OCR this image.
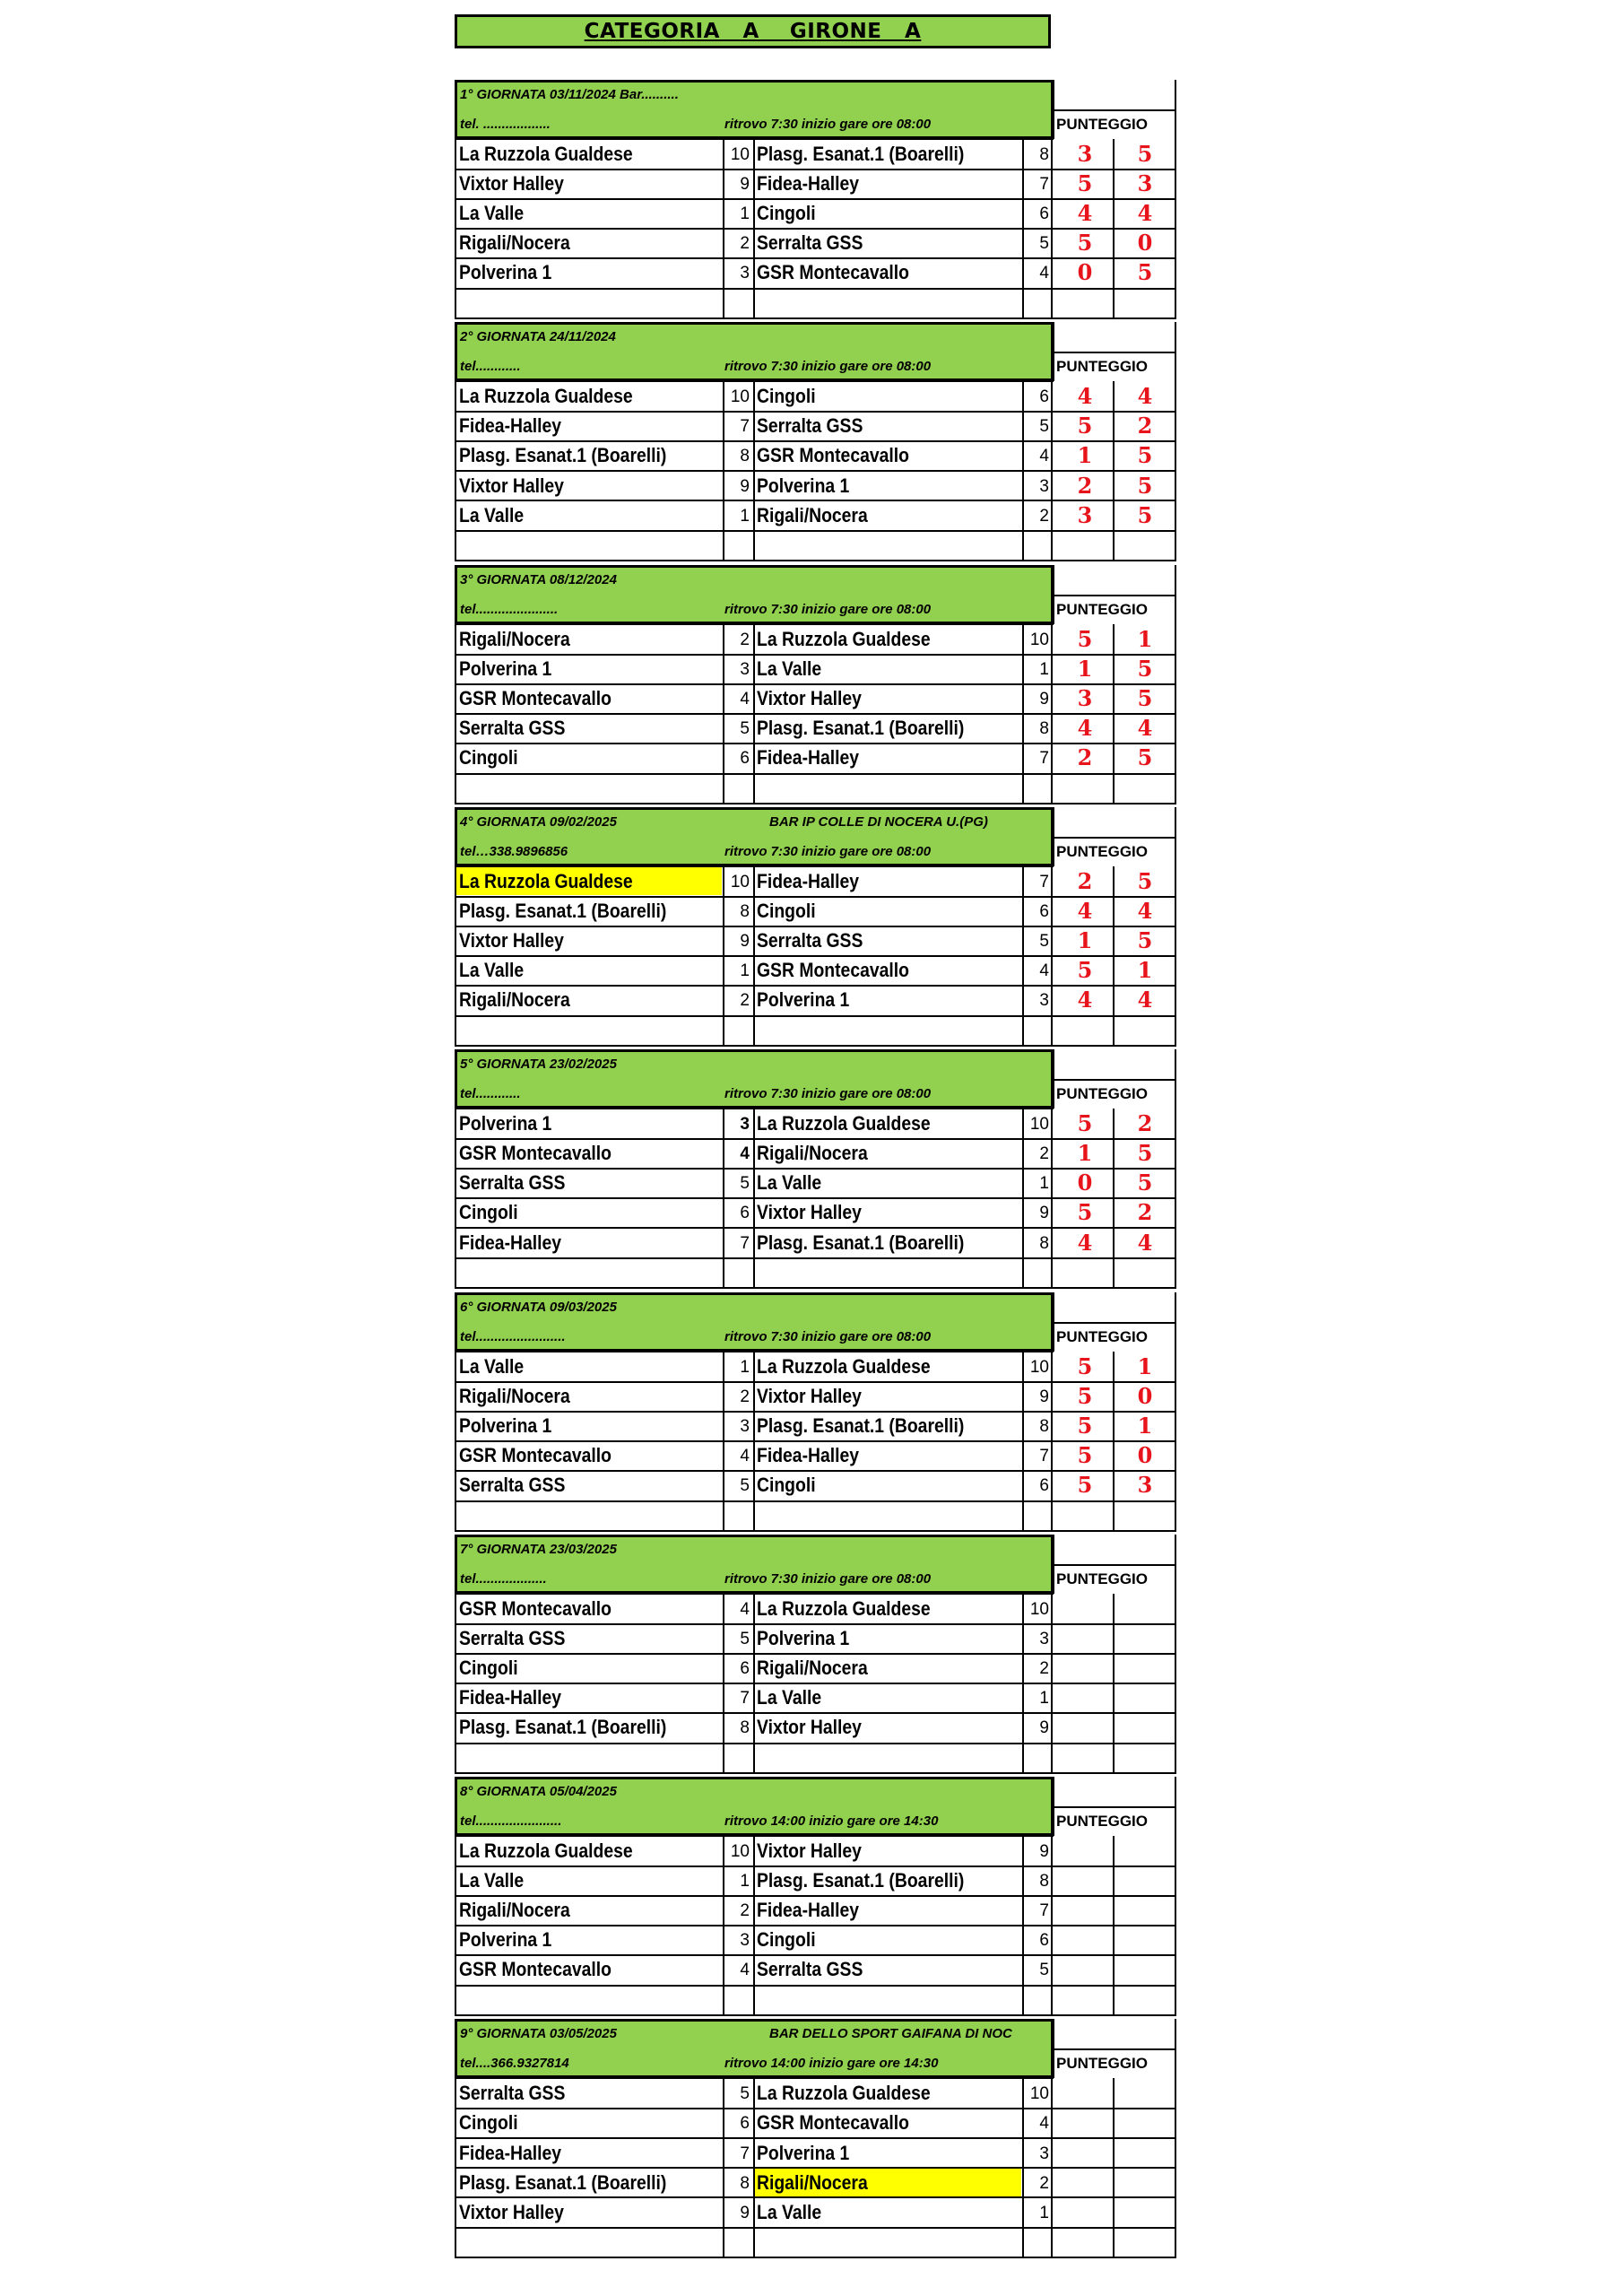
CATEGORIA   A    GIRONE   A
1° GIORNATA 03/11/2024 Bar..........
tel. ..................	ritrovo 7:30 inizio gare ore 08:00	PUNTEGGIO
La Ruzzola Gualdese	10 Plasg. Esanat.1 (Boarelli)	8	3	5
Vixtor Halley	9 Fidea-Halley	7	5	3
La Valle	1 Cingoli	6	4	4
Rigali/Nocera	2 Serralta GSS	5	5	0
Polverina 1	3 GSR Montecavallo	4	0	5
2° GIORNATA 24/11/2024
tel............	ritrovo 7:30 inizio gare ore 08:00	PUNTEGGIO
La Ruzzola Gualdese	10 Cingoli	6	4	4
Fidea-Halley	7 Serralta GSS	5	5	2
Plasg. Esanat.1 (Boarelli)	8 GSR Montecavallo	4	1	5
Vixtor Halley	9 Polverina 1	3	2	5
La Valle	1 Rigali/Nocera	2	3	5
3° GIORNATA 08/12/2024
tel......................	ritrovo 7:30 inizio gare ore 08:00	PUNTEGGIO
Rigali/Nocera	2 La Ruzzola Gualdese	10	5	1
Polverina 1	3 La Valle	1	1	5
GSR Montecavallo	4 Vixtor Halley	9	3	5
Serralta GSS	5 Plasg. Esanat.1 (Boarelli)	8	4	4
Cingoli	6 Fidea-Halley	7	2	5
4° GIORNATA 09/02/2025	BAR IP COLLE DI NOCERA U.(PG)
tel…338.9896856	ritrovo 7:30 inizio gare ore 08:00	PUNTEGGIO
La Ruzzola Gualdese	10 Fidea-Halley	7	2	5
Plasg. Esanat.1 (Boarelli)	8 Cingoli	6	4	4
Vixtor Halley	9 Serralta GSS	5	1	5
La Valle	1 GSR Montecavallo	4	5	1
Rigali/Nocera	2 Polverina 1	3	4	4
5° GIORNATA 23/02/2025
tel............	ritrovo 7:30 inizio gare ore 08:00	PUNTEGGIO
Polverina 1	3 La Ruzzola Gualdese	10	5	2
GSR Montecavallo	4 Rigali/Nocera	2	1	5
Serralta GSS	5 La Valle	1	0	5
Cingoli	6 Vixtor Halley	9	5	2
Fidea-Halley	7 Plasg. Esanat.1 (Boarelli)	8	4	4
6° GIORNATA 09/03/2025
tel........................	ritrovo 7:30 inizio gare ore 08:00	PUNTEGGIO
La Valle	1 La Ruzzola Gualdese	10	5	1
Rigali/Nocera	2 Vixtor Halley	9	5	0
Polverina 1	3 Plasg. Esanat.1 (Boarelli)	8	5	1
GSR Montecavallo	4 Fidea-Halley	7	5	0
Serralta GSS	5 Cingoli	6	5	3
7° GIORNATA 23/03/2025
tel...................	ritrovo 7:30 inizio gare ore 08:00	PUNTEGGIO
GSR Montecavallo	4 La Ruzzola Gualdese	10
Serralta GSS	5 Polverina 1	3
Cingoli	6 Rigali/Nocera	2
Fidea-Halley	7 La Valle	1
Plasg. Esanat.1 (Boarelli)	8 Vixtor Halley	9
8° GIORNATA 05/04/2025
tel.......................	ritrovo 14:00 inizio gare ore 14:30	PUNTEGGIO
La Ruzzola Gualdese	10 Vixtor Halley	9
La Valle	1 Plasg. Esanat.1 (Boarelli)	8
Rigali/Nocera	2 Fidea-Halley	7
Polverina 1	3 Cingoli	6
GSR Montecavallo	4 Serralta GSS	5
9° GIORNATA 03/05/2025	BAR DELLO SPORT GAIFANA DI NOC
tel....366.9327814	ritrovo 14:00 inizio gare ore 14:30	PUNTEGGIO
Serralta GSS	5 La Ruzzola Gualdese	10
Cingoli	6 GSR Montecavallo	4
Fidea-Halley	7 Polverina 1	3
Plasg. Esanat.1 (Boarelli)	8 Rigali/Nocera	2
Vixtor Halley	9 La Valle	1
